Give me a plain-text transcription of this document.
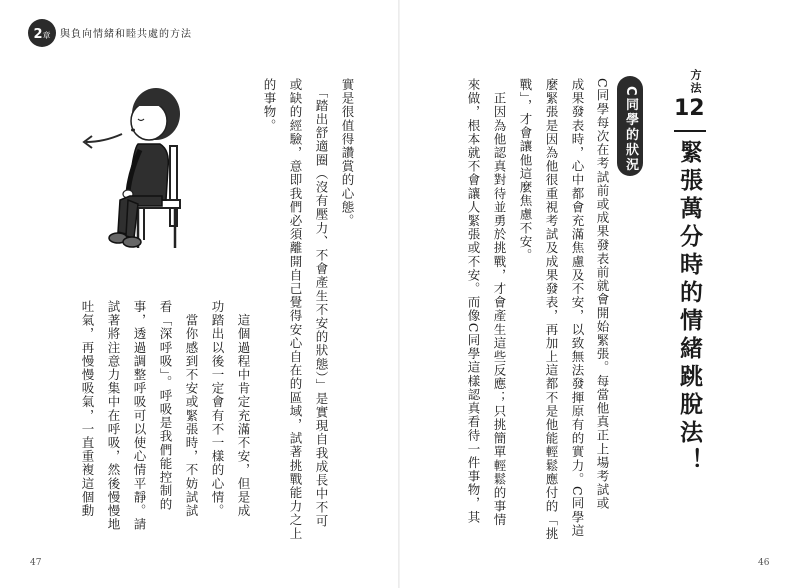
2章 與負向情緒和睦共處的方法
方法
12
緊張萬分時的情緒跳脫法！
C同學的狀況
C同學每次在考試前或成果發表前就會開始緊張。每當他真正上場考試或
成果發表時，心中都會充滿焦慮及不安，以致無法發揮原有的實力。C同學這
麼緊張是因為他很重視考試及成果發表，再加上這都不是他能輕鬆應付的「挑
戰」，才會讓他這麼焦慮不安。
　正因為他認真對待並勇於挑戰，才會產生這些反應；只挑簡單輕鬆的事情
來做，根本就不會讓人緊張或不安。而像C同學這樣認真看待一件事物，其
實是很值得讚賞的心態。
　「踏出舒適圈（沒有壓力、不會產生不安的狀態）」是實現自我成長中不可
或缺的經驗，意即我們必須離開自己覺得安心自在的區域，試著挑戰能力之上
的事物。
　這個過程中肯定充滿不安，但是成
功踏出以後一定會有不一樣的心情。
　當你感到不安或緊張時，不妨試試
看「深呼吸」。呼吸是我們能控制的
事，透過調整呼吸可以使心情平靜。請
試著將注意力集中在呼吸，然後慢慢地
吐氣，再慢慢吸氣，一直重複這個動
47	46
